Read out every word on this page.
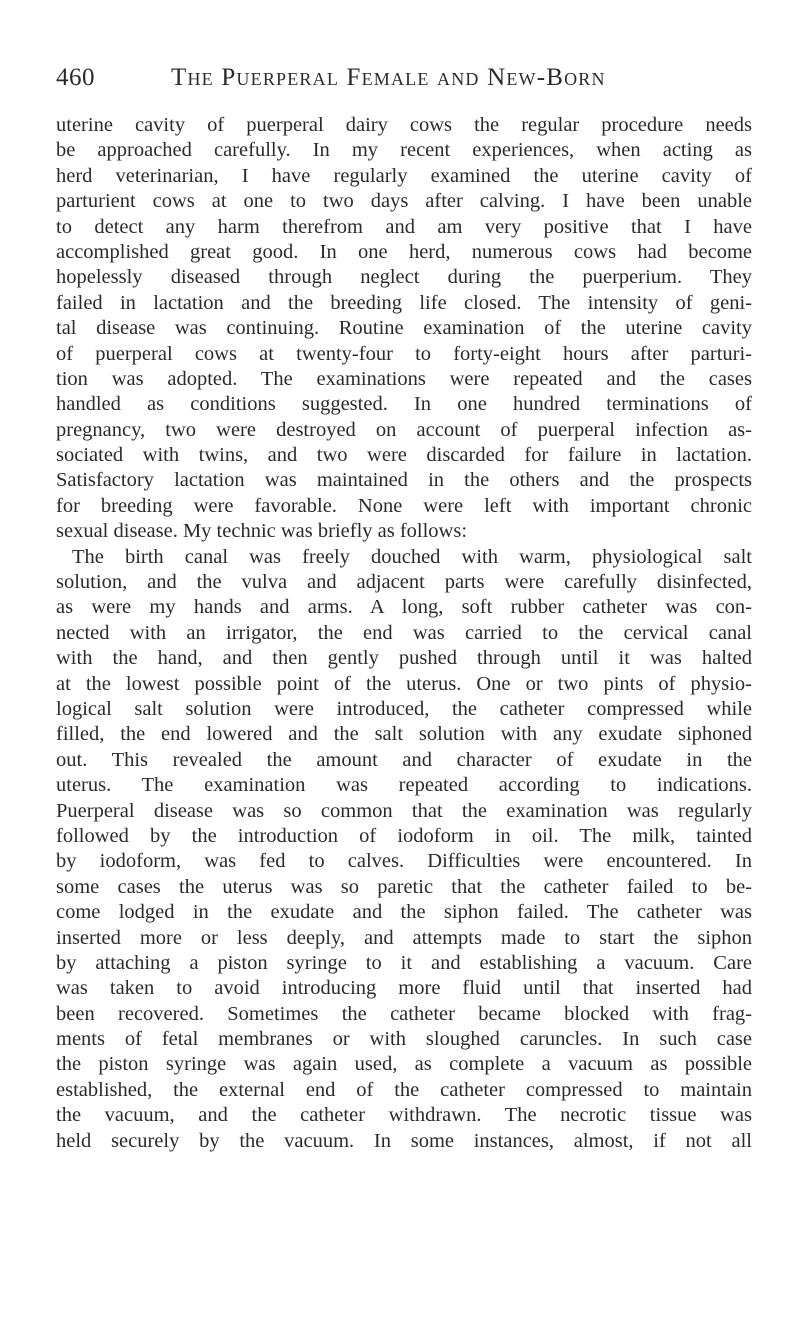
460	The Puerperal Female and New-Born
uterine cavity of puerperal dairy cows the regular procedure needs
be approached carefully. In my recent experiences, when acting as
herd veterinarian, I have regularly examined the uterine cavity of
parturient cows at one to two days after calving. I have been unable
to detect any harm therefrom and am very positive that I have
accomplished great good. In one herd, numerous cows had become
hopelessly diseased through neglect during the puerperium. They
failed in lactation and the breeding life closed. The intensity of geni-
tal disease was continuing. Routine examination of the uterine cavity
of puerperal cows at twenty-four to forty-eight hours after parturi-
tion was adopted. The examinations were repeated and the cases
handled as conditions suggested. In one hundred terminations of
pregnancy, two were destroyed on account of puerperal infection as-
sociated with twins, and two were discarded for failure in lactation.
Satisfactory lactation was maintained in the others and the prospects
for breeding were favorable. None were left with important chronic
sexual disease. My technic was briefly as follows:
The birth canal was freely douched with warm, physiological salt
solution, and the vulva and adjacent parts were carefully disinfected,
as were my hands and arms. A long, soft rubber catheter was con-
nected with an irrigator, the end was carried to the cervical canal
with the hand, and then gently pushed through until it was halted
at the lowest possible point of the uterus. One or two pints of physio-
logical salt solution were introduced, the catheter compressed while
filled, the end lowered and the salt solution with any exudate siphoned
out. This revealed the amount and character of exudate in the
uterus. The examination was repeated according to indications.
Puerperal disease was so common that the examination was regularly
followed by the introduction of iodoform in oil. The milk, tainted
by iodoform, was fed to calves. Difficulties were encountered. In
some cases the uterus was so paretic that the catheter failed to be-
come lodged in the exudate and the siphon failed. The catheter was
inserted more or less deeply, and attempts made to start the siphon
by attaching a piston syringe to it and establishing a vacuum. Care
was taken to avoid introducing more fluid until that inserted had
been recovered. Sometimes the catheter became blocked with frag-
ments of fetal membranes or with sloughed caruncles. In such case
the piston syringe was again used, as complete a vacuum as possible
established, the external end of the catheter compressed to maintain
the vacuum, and the catheter withdrawn. The necrotic tissue was
held securely by the vacuum. In some instances, almost, if not all
